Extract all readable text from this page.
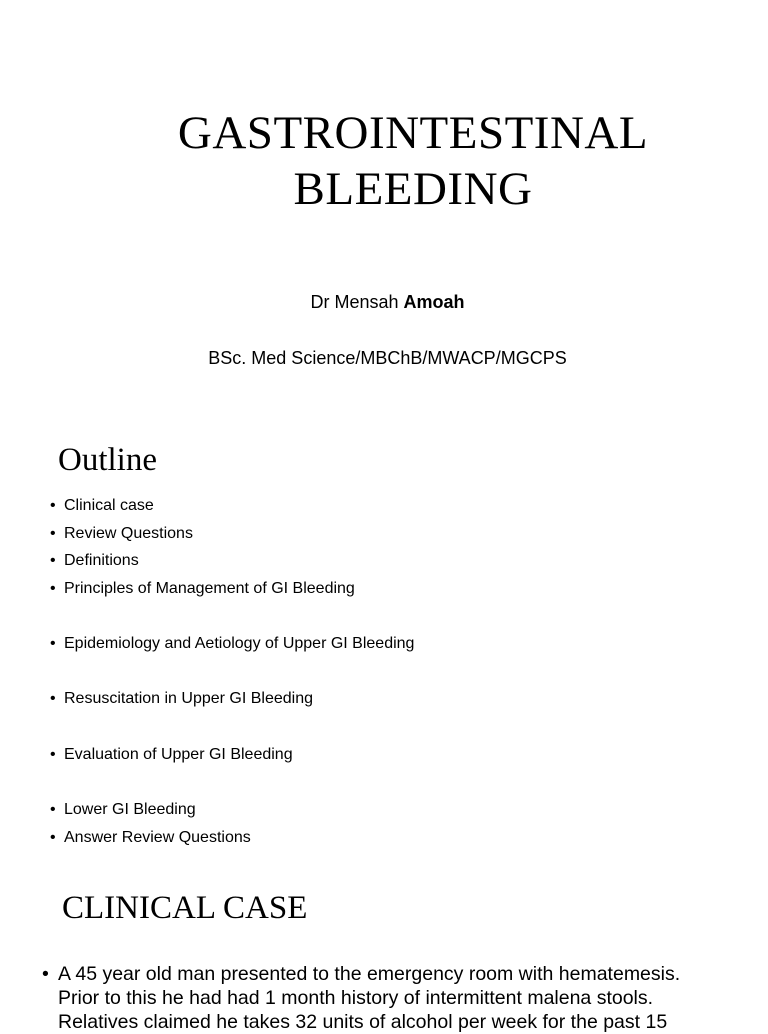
GASTROINTESTINAL
BLEEDING
Dr Mensah Amoah
BSc. Med Science/MBChB/MWACP/MGCPS
Outline
• Clinical case
• Review Questions
• Definitions
• Principles of Management of GI Bleeding
• Epidemiology and Aetiology of Upper GI Bleeding
• Resuscitation in Upper GI Bleeding
• Evaluation of Upper GI Bleeding
• Lower GI Bleeding
• Answer Review Questions
CLINICAL CASE
• A 45 year old man presented to the emergency room with hematemesis.
Prior to this he had had 1 month history of intermittent malena stools.
Relatives claimed he takes 32 units of alcohol per week for the past 15
